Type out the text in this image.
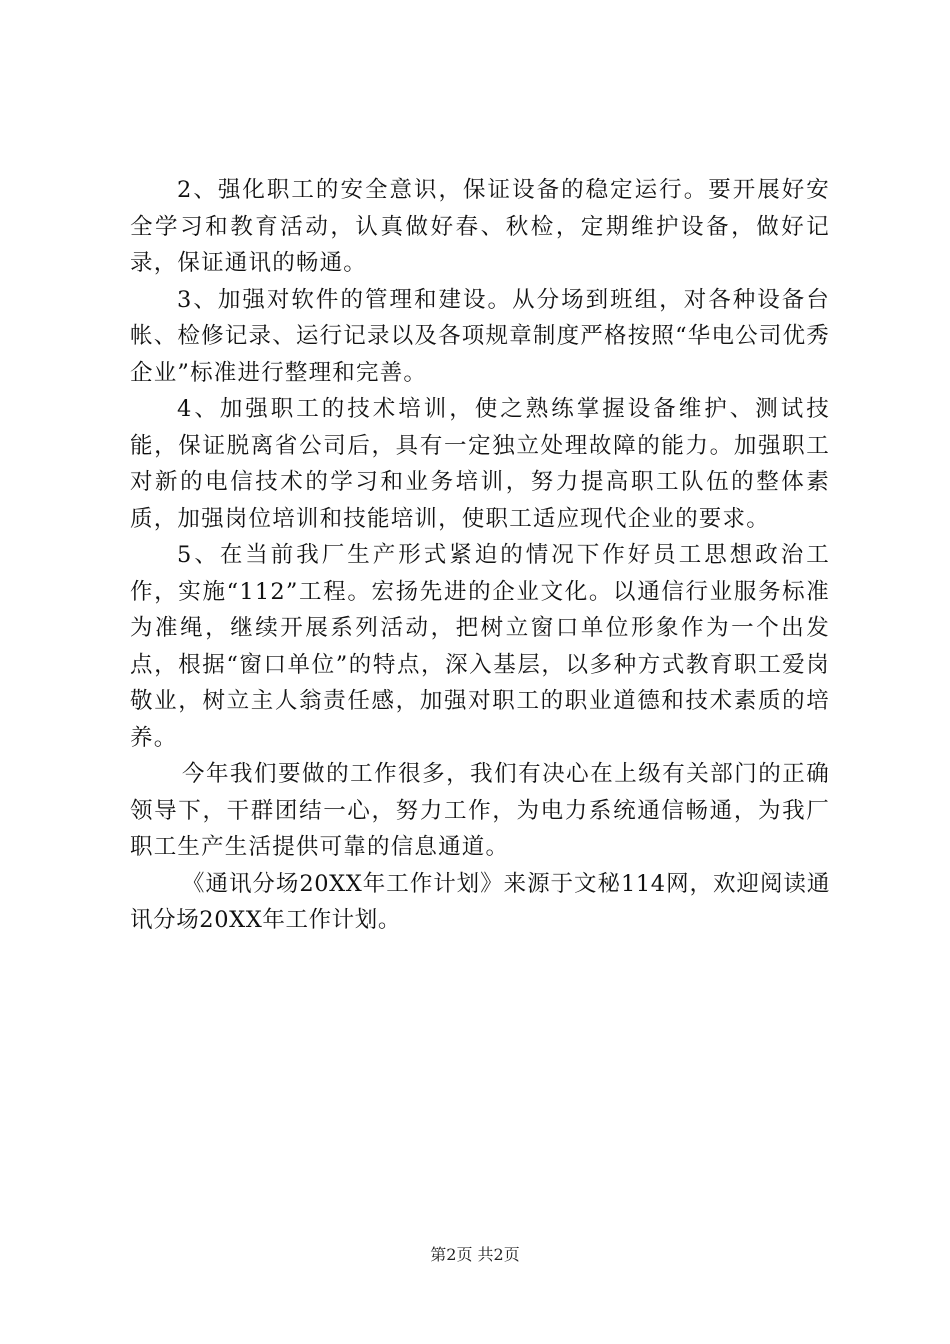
2、强化职工的安全意识，保证设备的稳定运行。要开展好安全学习和教育活动，认真做好春、秋检，定期维护设备，做好记录，保证通讯的畅通。

3、加强对软件的管理和建设。从分场到班组，对各种设备台帐、检修记录、运行记录以及各项规章制度严格按照“华电公司优秀企业”标准进行整理和完善。

4、加强职工的技术培训，使之熟练掌握设备维护、测试技能，保证脱离省公司后，具有一定独立处理故障的能力。加强职工对新的电信技术的学习和业务培训，努力提高职工队伍的整体素质，加强岗位培训和技能培训，使职工适应现代企业的要求。

5、在当前我厂生产形式紧迫的情况下作好员工思想政治工作，实施“112”工程。宏扬先进的企业文化。以通信行业服务标准为准绳，继续开展系列活动，把树立窗口单位形象作为一个出发点，根据“窗口单位”的特点，深入基层，以多种方式教育职工爱岗敬业，树立主人翁责任感，加强对职工的职业道德和技术素质的培养。

今年我们要做的工作很多，我们有决心在上级有关部门的正确领导下，干群团结一心，努力工作，为电力系统通信畅通，为我厂职工生产生活提供可靠的信息通道。

《通讯分场20XX年工作计划》来源于文秘114网，欢迎阅读通讯分场20XX年工作计划。

第2页 共2页
